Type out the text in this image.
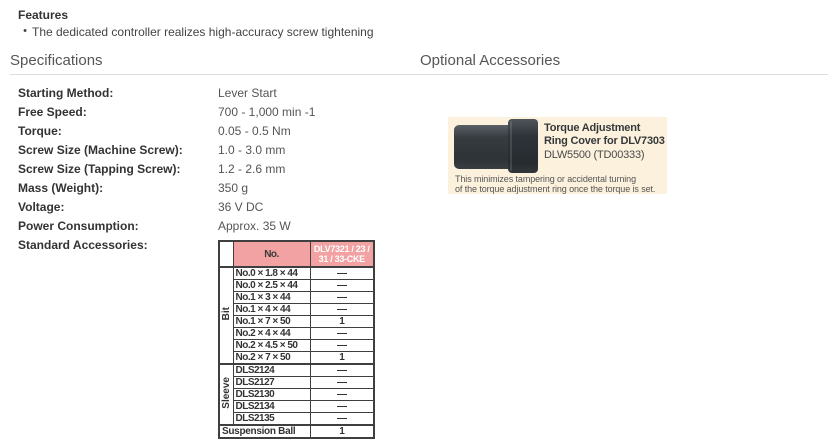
Features
• The dedicated controller realizes high-accuracy screw tightening
Specifications	Optional Accessories
Starting Method:	Lever Start
Free Speed:	700 - 1,000 min -1
Torque:	0.05 - 0.5 Nm
Screw Size (Machine Screw):	1.0 - 3.0 mm
Screw Size (Tapping Screw):	1.2 - 2.6 mm
Mass (Weight):	350 g
Voltage:	36 V DC
Power Consumption:	Approx. 35 W
Standard Accessories:
	No.	DLV7321 / 23 /
31 / 33-CKE

Bit	No.0 × 1.8 × 44	—
	No.0 × 2.5 × 44	—
	No.1 × 3 × 44	—
	No.1 × 4 × 44	—
	No.1 × 7 × 50	1
	No.2 × 4 × 44	—
	No.2 × 4.5 × 50	—
	No.2 × 7 × 50	1
Sleeve	DLS2124	—
	DLS2127	—
	DLS2130	—
	DLS2134	—
	DLS2135	—
Suspension Ball		1
Torque Adjustment
Ring Cover for DLV7303
DLW5500 (TD00333)
This minimizes tampering or accidental turning
of the torque adjustment ring once the torque is set.
